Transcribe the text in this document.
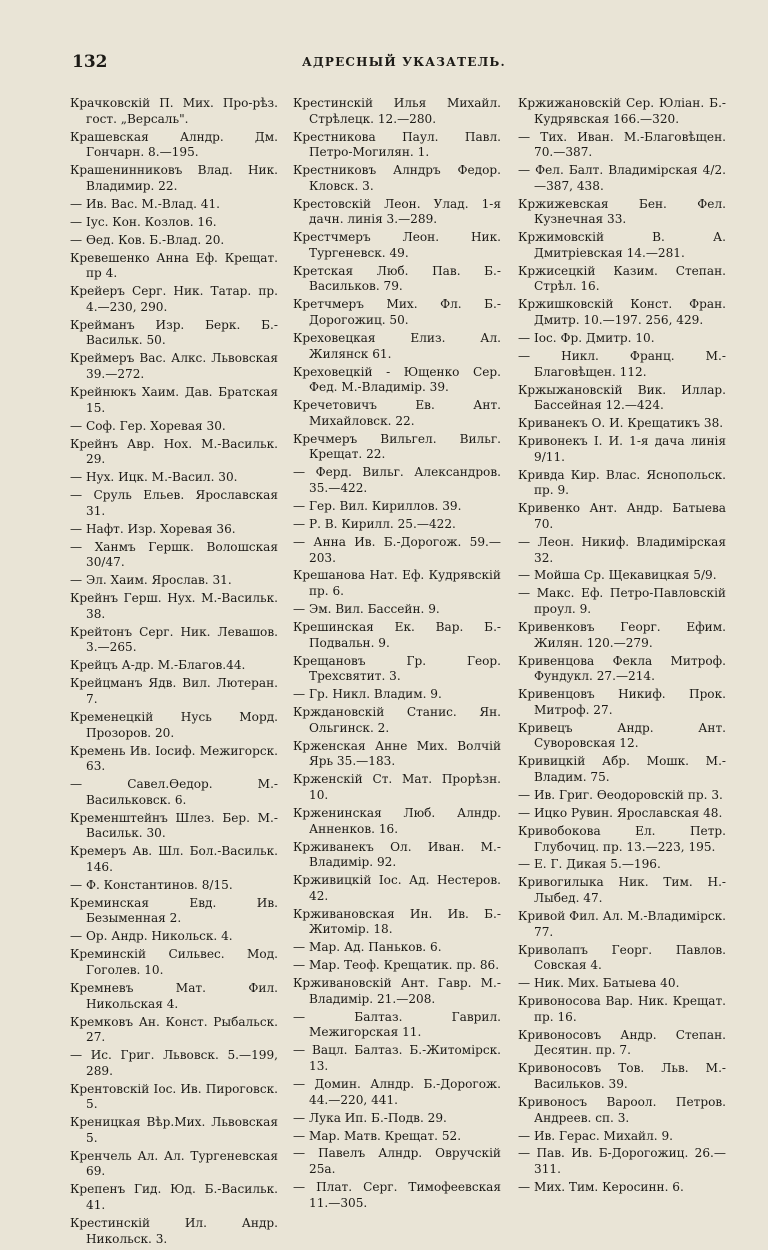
132	АДРЕСНЫЙ УКАЗАТЕЛЬ.

Крачковскій П. Мих. Про-рѣз. гост. „Версаль".

Крашевская Алндр. Дм. Гончарн. 8.—195.

Крашенинниковъ Влад. Ник. Владимир. 22.

— Ив. Вас. М.-Влад. 41.

— Іус. Кон. Козлов. 16.

— Ѳед. Ков. Б.-Влад. 20.

Кревешенко Анна Еф. Крещат. пр 4.

Крейеръ Серг. Ник. Татар. пр. 4.—230, 290.

Крейманъ Изр. Берк. Б.-Васильк. 50.

Креймеръ Вас. Алкс. Львовская 39.—272.

Крейнюкъ Хаим. Дав. Братская 15.

— Соф. Гер. Хоревая 30.

Крейнъ Авр. Нох. М.-Васильк. 29.

— Нух. Ицк. М.-Васил. 30.

— Сруль Ельев. Ярославская 31.

— Нафт. Изр. Хоревая 36.

— Ханмъ Гершк. Волошская 30/47.

— Эл. Хаим. Ярослав. 31.

Крейнъ Герш. Нух. М.-Васильк. 38.

Крейтонъ Серг. Ник. Левашов. 3.—265.

Крейцъ А-др. М.-Благов.44.

Крейцманъ Ядв. Вил. Лютеран. 7.

Кременецкій Нусь Морд. Прозоров. 20.

Кремень Ив. Іосиф. Межигорск. 63.

— Савел.Ѳедор. М.-Васильковск. 6.

Кременштейнъ Шлез. Бер. М.-Васильк. 30.

Кремеръ Ав. Шл. Бол.-Васильк. 146.

— Ф. Константинов. 8/15.

Креминская Евд. Ив. Безыменная 2.

— Ор. Андр. Никольск. 4.

Креминскій Сильвес. Мод. Гоголев. 10.

Кремневъ Мат. Фил. Никольская 4.

Кремковъ Ан. Конст. Рыбальск. 27.

— Ис. Григ. Львовск. 5.—199, 289.

Крентовскій Іос. Ив. Пироговск. 5.

Креницкая Вѣр.Мих. Львовская 5.

Кренчель Ал. Ал. Тургеневская 69.

Крепенъ Гид. Юд. Б.-Васильк. 41.

Крестинскій Ил. Андр. Никольск. 3.

Крестинскій Илья Михайл. Стрѣлецк. 12.—280.

Крестникова Пaул. Павл. Петро-Могилян. 1.

Крестниковъ Алндръ Федор. Кловск. 3.

Крестовскій Леон. Улад. 1-я дачн. линія 3.—289.

Крестчмеръ Леон. Ник. Тургеневск. 49.

Кретская Люб. Пав. Б.-Васильков. 79.

Кретчмеръ Мих. Фл. Б.-Дорогожиц. 50.

Креховецкая Елиз. Ал. Жилянск 61.

Креховецкій - Ющенко Сер. Фед. М.-Владимір. 39.

Кречетовичъ Ев. Ант. Михайловск. 22.

Кречмеръ Вильгел. Вильг. Крещат. 22.

— Ферд. Вильг. Александров. 35.—422.

— Гер. Вил. Кириллов. 39.

— Р. В. Кирилл. 25.—422.

— Анна Ив. Б.-Дорогож. 59.—203.

Крешанова Нат. Еф. Кудрявскій пр. 6.

— Эм. Вил. Бассейн. 9.

Крешинская Ек. Вар. Б.-Подвальн. 9.

Крещановъ Гр. Геор. Трехсвятит. 3.

— Гр. Никл. Владим. 9.

Крждановскій Станис. Ян. Ольгинск. 2.

Крженская Анне Мих. Волчій Ярь 35.—183.

Крженскій Ст. Мат. Прорѣзн. 10.

Крженинская Люб. Алндр. Анненков. 16.

Крживанекъ Ол. Иван. М.-Владимір. 92.

Крживицкій Іос. Ад. Нестеров. 42.

Крживановская Ин. Ив. Б.-Житомір. 18.

— Мар. Ад. Паньков. 6.

— Мар. Теоф. Крещатик. пр. 86.

Крживановскій Ант. Гавр. М.-Владимір. 21.—208.

— Балтаз. Гаврил. Межигорская 11.

— Вацл. Балтаз. Б.-Житомірск. 13.

— Домин. Алндр. Б.-Дорогож. 44.—220, 441.

— Лука Ип. Б.-Подв. 29.

— Мар. Матв. Крещат. 52.

— Павелъ Алндр. Овручскій 25а.

— Плат. Серг. Тимофеевская 11.—305.

Кржижановскій Сер. Юліан. Б.-Кудрявская 166.—320.

— Тих. Иван. М.-Благовѣщен. 70.—387.

— Фел. Балт. Владимірская 4/2.—387, 438.

Кржижевская Бен. Фел. Кузнечная 33.

Кржимовскій В. А. Дмитріевская 14.—281.

Кржисецкій Казим. Степан. Стрѣл. 16.

Кржишковскій Конст. Фран. Дмитр. 10.—197. 256, 429.

— Іос. Фр. Дмитр. 10.

— Никл. Франц. М.-Благовѣщен. 112.

Кржыжановскій Вик. Иллар. Бассейная 12.—424.

Криванекъ О. И. Крещатикъ 38.

Кривонекъ І. И. 1-я дача линія 9/11.

Кривда Кир. Влас. Яснопольск. пр. 9.

Кривенко Ант. Андр. Батыева 70.

— Леон. Никиф. Владимірская 32.

— Мойша Ср. Щекавицкая 5/9.

— Макс. Еф. Петро-Павловскій проул. 9.

Кривенковъ Георг. Ефим. Жилян. 120.—279.

Кривенцова Фекла Митроф. Фундукл. 27.—214.

Кривенцовъ Никиф. Прок. Митроф. 27.

Кривецъ Андр. Ант. Суворовская 12.

Кривицкій Абр. Мошк. М.-Владим. 75.

— Ив. Григ. Ѳеодоровскій пр. 3.

— Ицко Рувин. Ярославская 48.

Кривобокова Ел. Петр. Глубочиц. пр. 13.—223, 195.

— Е. Г. Дикая 5.—196.

Кривогилыка Ник. Тим. Н.-Лыбед. 47.

Кривой Фил. Ал. М.-Владимірск. 77.

Криволапъ Георг. Павлов. Совская 4.

— Ник. Мих. Батыева 40.

Кривоносова Вар. Ник. Крещат. пр. 16.

Кривоносовъ Андр. Степан. Десятин. пр. 7.

Кривоносовъ Тов. Льв. М.-Васильков. 39.

Кривоносъ Вароол. Петров. Андреев. сп. 3.

— Ив. Герас. Михайл. 9.

— Пав. Ив. Б-Дорогожиц. 26.—311.

— Мих. Тим. Керосинн. 6.
